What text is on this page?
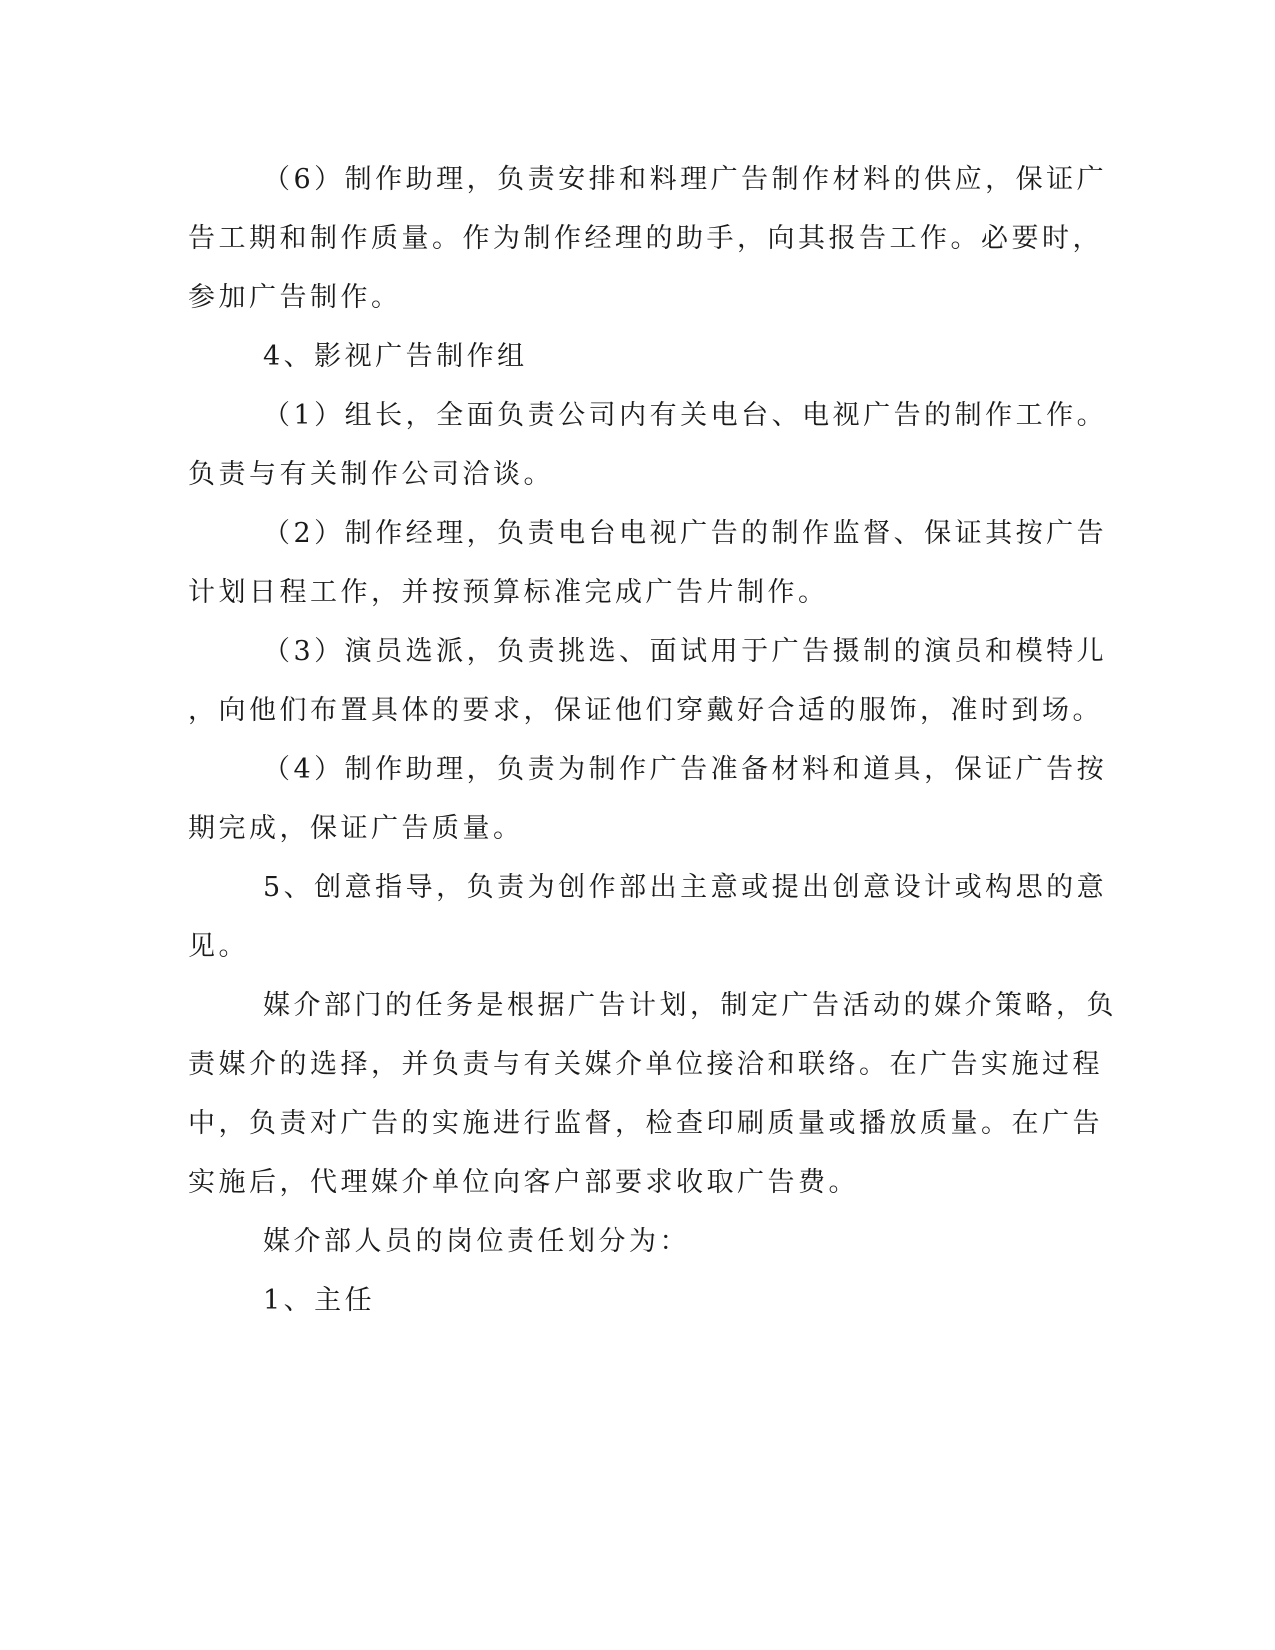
（6）制作助理，负责安排和料理广告制作材料的供应，保证广
告工期和制作质量。作为制作经理的助手，向其报告工作。必要时，
参加广告制作。
4、影视广告制作组
（1）组长，全面负责公司内有关电台、电视广告的制作工作。
负责与有关制作公司洽谈。
（2）制作经理，负责电台电视广告的制作监督、保证其按广告
计划日程工作，并按预算标准完成广告片制作。
（3）演员选派，负责挑选、面试用于广告摄制的演员和模特儿
，向他们布置具体的要求，保证他们穿戴好合适的服饰，准时到场。
（4）制作助理，负责为制作广告准备材料和道具，保证广告按
期完成，保证广告质量。
5、创意指导，负责为创作部出主意或提出创意设计或构思的意
见。
媒介部门的任务是根据广告计划，制定广告活动的媒介策略，负
责媒介的选择，并负责与有关媒介单位接洽和联络。在广告实施过程
中，负责对广告的实施进行监督，检查印刷质量或播放质量。在广告
实施后，代理媒介单位向客户部要求收取广告费。
媒介部人员的岗位责任划分为：
1、主任
